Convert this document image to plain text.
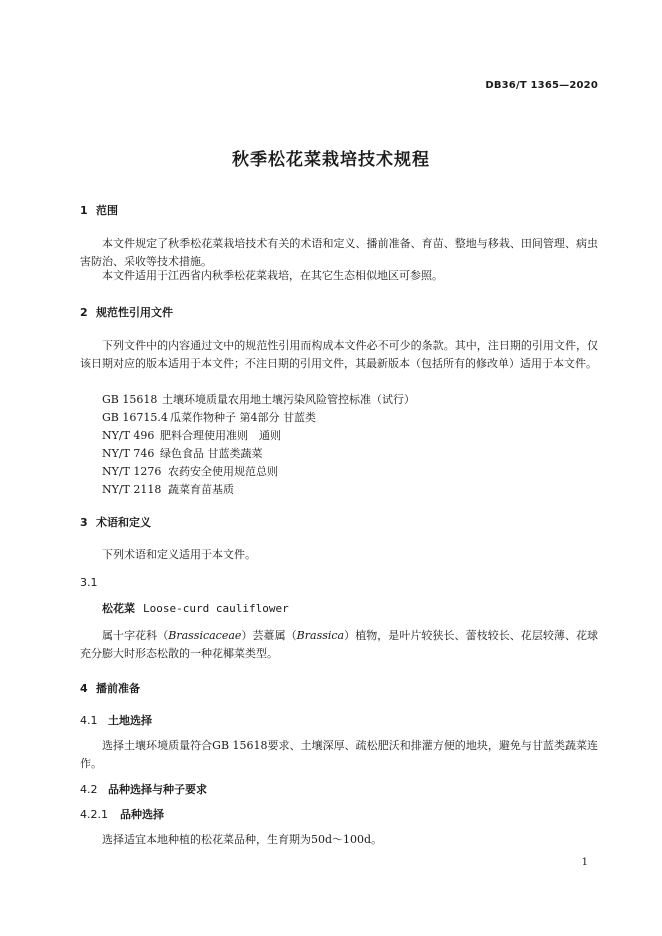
DB36/T 1365—2020
秋季松花菜栽培技术规程
1 范围
本文件规定了秋季松花菜栽培技术有关的术语和定义、播前准备、育苗、整地与移栽、田间管理、病虫害防治、采收等技术措施。
本文件适用于江西省内秋季松花菜栽培，在其它生态相似地区可参照。
2 规范性引用文件
下列文件中的内容通过文中的规范性引用而构成本文件必不可少的条款。其中，注日期的引用文件，仅该日期对应的版本适用于本文件；不注日期的引用文件，其最新版本（包括所有的修改单）适用于本文件。
GB 15618 土壤环境质量农用地土壤污染风险管控标准（试行）
GB 16715.4 瓜菜作物种子 第4部分 甘蓝类
NY/T 496 肥料合理使用准则　通则
NY/T 746 绿色食品 甘蓝类蔬菜
NY/T 1276 农药安全使用规范总则
NY/T 2118 蔬菜育苗基质
3 术语和定义
下列术语和定义适用于本文件。
3.1
松花菜 Loose-curd cauliflower
属十字花科（Brassicaceae）芸薹属（Brassica）植物，是叶片较狭长、蕾枝较长、花层较薄、花球充分膨大时形态松散的一种花椰菜类型。
4 播前准备
4.1 土地选择
选择土壤环境质量符合GB 15618要求、土壤深厚、疏松肥沃和排灌方便的地块，避免与甘蓝类蔬菜连作。
4.2 品种选择与种子要求
4.2.1 品种选择
选择适宜本地种植的松花菜品种，生育期为50d～100d。
1
